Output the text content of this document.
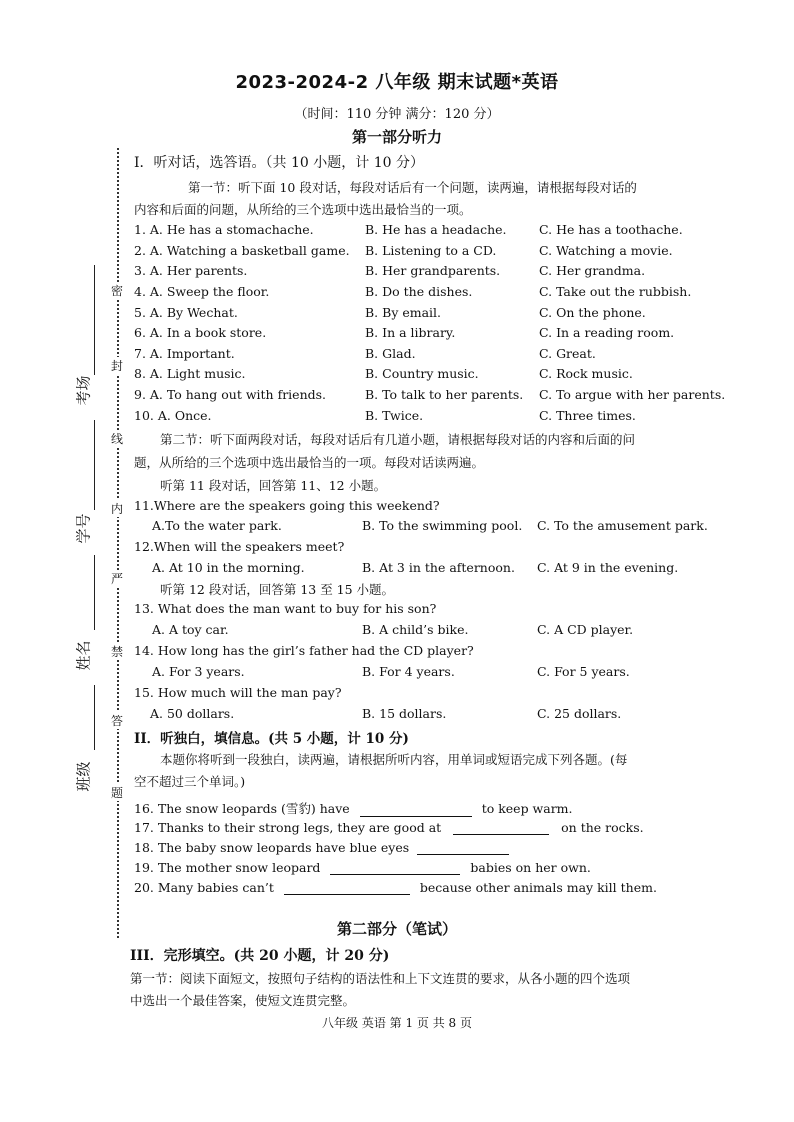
密
封
线
内
严
禁
答
题
考场
学号
姓名
班级
2023-2024-2 八年级 期末试题*英语
（时间：110 分钟 满分：120 分）
第一部分听力
I．听对话，选答语。（共 10 小题，计 10 分）
第一节：听下面 10 段对话，每段对话后有一个问题，读两遍，请根据每段对话的
内容和后面的问题，从所给的三个选项中选出最恰当的一项。
1. A. He has a stomachache.	B. He has a headache.	C. He has a toothache.
2. A. Watching a basketball game. B. Listening to a CD.	C. Watching a movie.
3. A. Her parents.	B. Her grandparents.	C. Her grandma.
4. A. Sweep the floor.	B. Do the dishes.	C. Take out the rubbish.
5. A. By Wechat.	B. By email.	C. On the phone.
6. A. In a book store.	B. In a library.	C. In a reading room.
7. A. Important.	B. Glad.	C. Great.
8. A. Light music.	B. Country music.	C. Rock music.
9. A. To hang out with friends.	B. To talk to her parents. C. To argue with her parents.
10. A. Once.	B. Twice.	C. Three times.
第二节：听下面两段对话，每段对话后有几道小题，请根据每段对话的内容和后面的问
题，从所给的三个选项中选出最恰当的一项。每段对话读两遍。
听第 11 段对话，回答第 11、12 小题。
11.Where are the speakers going this weekend?
A.To the water park.	B. To the swimming pool. C. To the amusement park.
12.When will the speakers meet?
A. At 10 in the morning.	B. At 3 in the afternoon. C. At 9 in the evening.
听第 12 段对话，回答第 13 至 15 小题。
13. What does the man want to buy for his son?
A. A toy car.	B. A child’s bike.	C. A CD player.
14. How long has the girl’s father had the CD player?
A. For 3 years.	B. For 4 years.	C. For 5 years.
15. How much will the man pay?
A. 50 dollars.	B. 15 dollars.	C. 25 dollars.
II．听独白，填信息。(共 5 小题，计 10 分)
本题你将听到一段独白，读两遍，请根据所听内容，用单词或短语完成下列各题。(每
空不超过三个单词。)
16. The snow leopards (雪豹) have	to keep warm.
17. Thanks to their strong legs, they are good at	on the rocks.
18. The baby snow leopards have blue eyes
19. The mother snow leopard	babies on her own.
20. Many babies can’t	because other animals may kill them.
第二部分（笔试）
III．完形填空。(共 20 小题，计 20 分)
第一节：阅读下面短文，按照句子结构的语法性和上下文连贯的要求，从各小题的四个选项
中选出一个最佳答案，使短文连贯完整。
八年级 英语 第 1 页 共 8 页
